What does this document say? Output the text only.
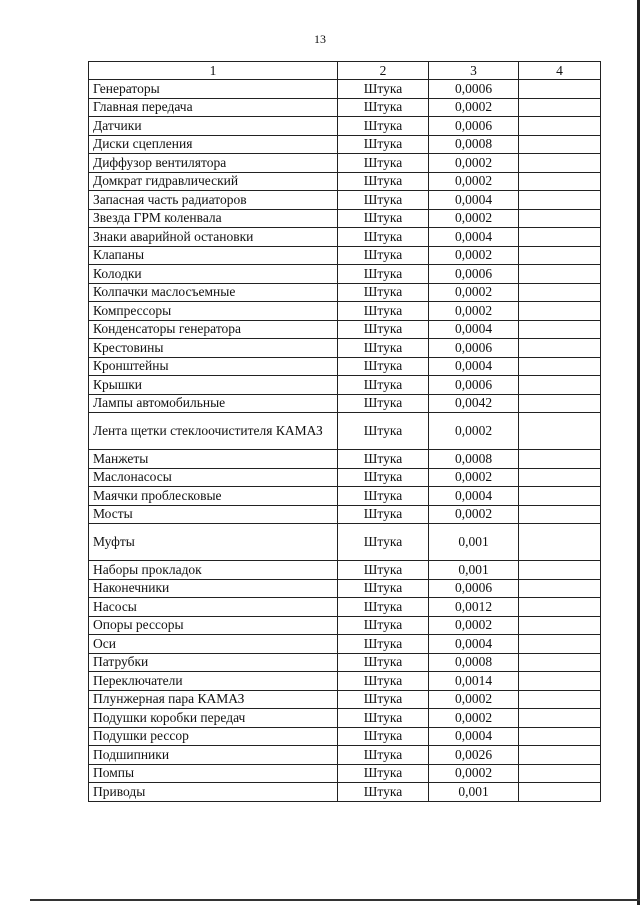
13
1	2	3	4
Генераторы	Штука	0,0006	
Главная передача	Штука	0,0002	
Датчики	Штука	0,0006	
Диски сцепления	Штука	0,0008	
Диффузор вентилятора	Штука	0,0002	
Домкрат гидравлический	Штука	0,0002	
Запасная часть радиаторов	Штука	0,0004	
Звезда ГРМ коленвала	Штука	0,0002	
Знаки аварийной остановки	Штука	0,0004	
Клапаны	Штука	0,0002	
Колодки	Штука	0,0006	
Колпачки маслосъемные	Штука	0,0002	
Компрессоры	Штука	0,0002	
Конденсаторы генератора	Штука	0,0004	
Крестовины	Штука	0,0006	
Кронштейны	Штука	0,0004	
Крышки	Штука	0,0006	
Лампы автомобильные	Штука	0,0042	
Лента щетки стеклоочистителя КАМАЗ	Штука	0,0002	
Манжеты	Штука	0,0008	
Маслонасосы	Штука	0,0002	
Маячки проблесковые	Штука	0,0004	
Мосты	Штука	0,0002	
Муфты	Штука	0,001	
Наборы прокладок	Штука	0,001	
Наконечники	Штука	0,0006	
Насосы	Штука	0,0012	
Опоры рессоры	Штука	0,0002	
Оси	Штука	0,0004	
Патрубки	Штука	0,0008	
Переключатели	Штука	0,0014	
Плунжерная пара КАМАЗ	Штука	0,0002	
Подушки коробки передач	Штука	0,0002	
Подушки рессор	Штука	0,0004	
Подшипники	Штука	0,0026	
Помпы	Штука	0,0002	
Приводы	Штука	0,001	
